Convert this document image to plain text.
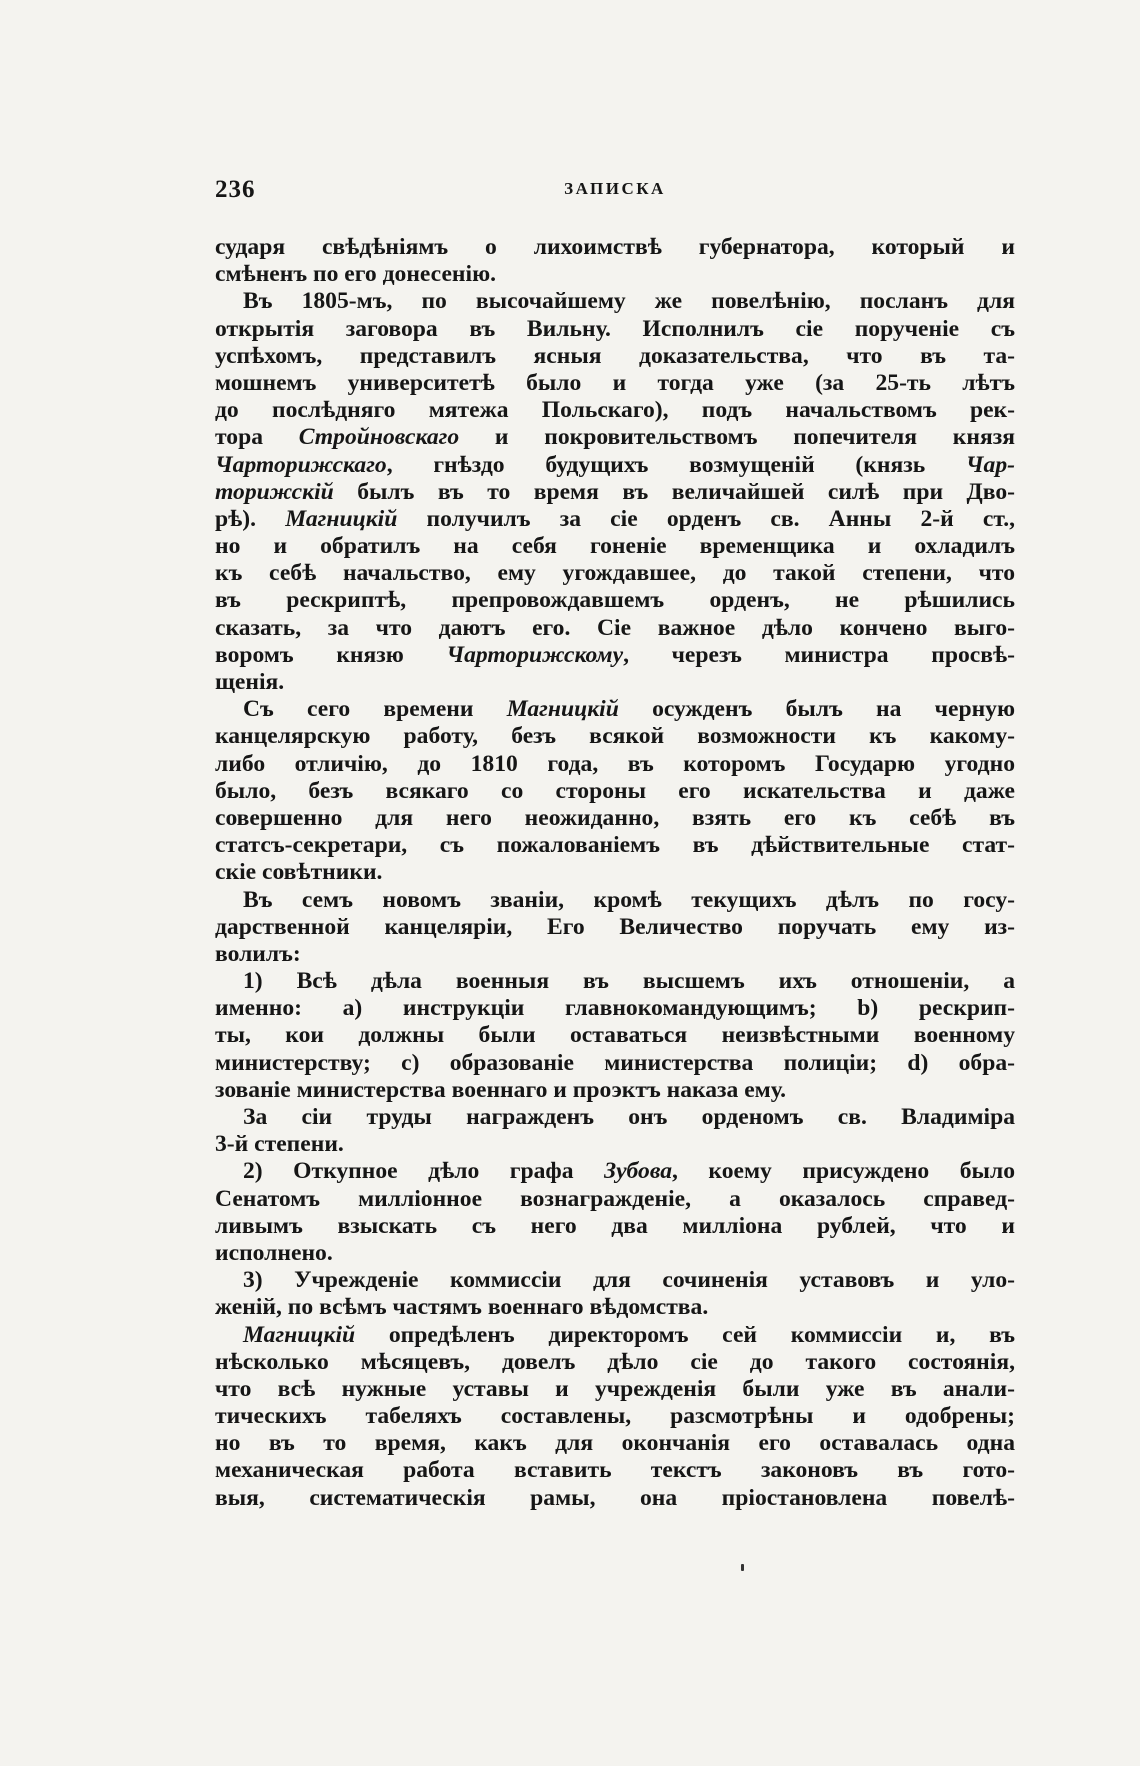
236	ЗАПИСКА
сударя свѣдѣніямъ о лихоимствѣ губернатора, который и
смѣненъ по его донесенію.
Въ 1805-мъ, по высочайшему же повелѣнію, посланъ для
открытія заговора въ Вильну. Исполнилъ сіе порученіе съ
успѣхомъ, представилъ ясныя доказательства, что въ та-
мошнемъ университетѣ было и тогда уже (за 25-ть лѣтъ
до послѣдняго мятежа Польскаго), подъ начальствомъ рек-
тора Стройновскаго и покровительствомъ попечителя князя
Чарторижскаго, гнѣздо будущихъ возмущеній (князь Чар-
торижскій былъ въ то время въ величайшей силѣ при Дво-
рѣ). Магницкій получилъ за сіе орденъ св. Анны 2-й ст.,
но и обратилъ на себя гоненіе временщика и охладилъ
къ себѣ начальство, ему угождавшее, до такой степени, что
въ рескриптѣ, препровождавшемъ орденъ, не рѣшились
сказать, за что даютъ его. Сіе важное дѣло кончено выго-
воромъ князю Чарторижскому, черезъ министра просвѣ-
щенія.
Съ сего времени Магницкій осужденъ былъ на черную
канцелярскую работу, безъ всякой возможности къ какому-
либо отличію, до 1810 года, въ которомъ Государю угодно
было, безъ всякаго со стороны его искательства и даже
совершенно для него неожиданно, взять его къ себѣ въ
статсъ-секретари, съ пожалованіемъ въ дѣйствительные стат-
скіе совѣтники.
Въ семъ новомъ званіи, кромѣ текущихъ дѣлъ по госу-
дарственной канцеляріи, Его Величество поручать ему из-
волилъ:
1) Всѣ дѣла военныя въ высшемъ ихъ отношеніи, а
именно: a) инструкціи главнокомандующимъ; b) рескрип-
ты, кои должны были оставаться неизвѣстными военному
министерству; c) образованіе министерства полиціи; d) обра-
зованіе министерства военнаго и проэктъ наказа ему.
За сіи труды награжденъ онъ орденомъ св. Владиміра
3-й степени.
2) Откупное дѣло графа Зубова, коему присуждено было
Сенатомъ милліонное вознагражденіе, а оказалось справед-
ливымъ взыскать съ него два милліона рублей, что и
исполнено.
3) Учрежденіе коммиссіи для сочиненія уставовъ и уло-
женій, по всѣмъ частямъ военнаго вѣдомства.
Магницкій опредѣленъ директоромъ сей коммиссіи и, въ
нѣсколько мѣсяцевъ, довелъ дѣло сіе до такого состоянія,
что всѣ нужные уставы и учрежденія были уже въ анали-
тическихъ табеляхъ составлены, разсмотрѣны и одобрены;
но въ то время, какъ для окончанія его оставалась одна
механическая работа вставить текстъ законовъ въ гото-
выя, систематическія рамы, она пріостановлена повелѣ-
